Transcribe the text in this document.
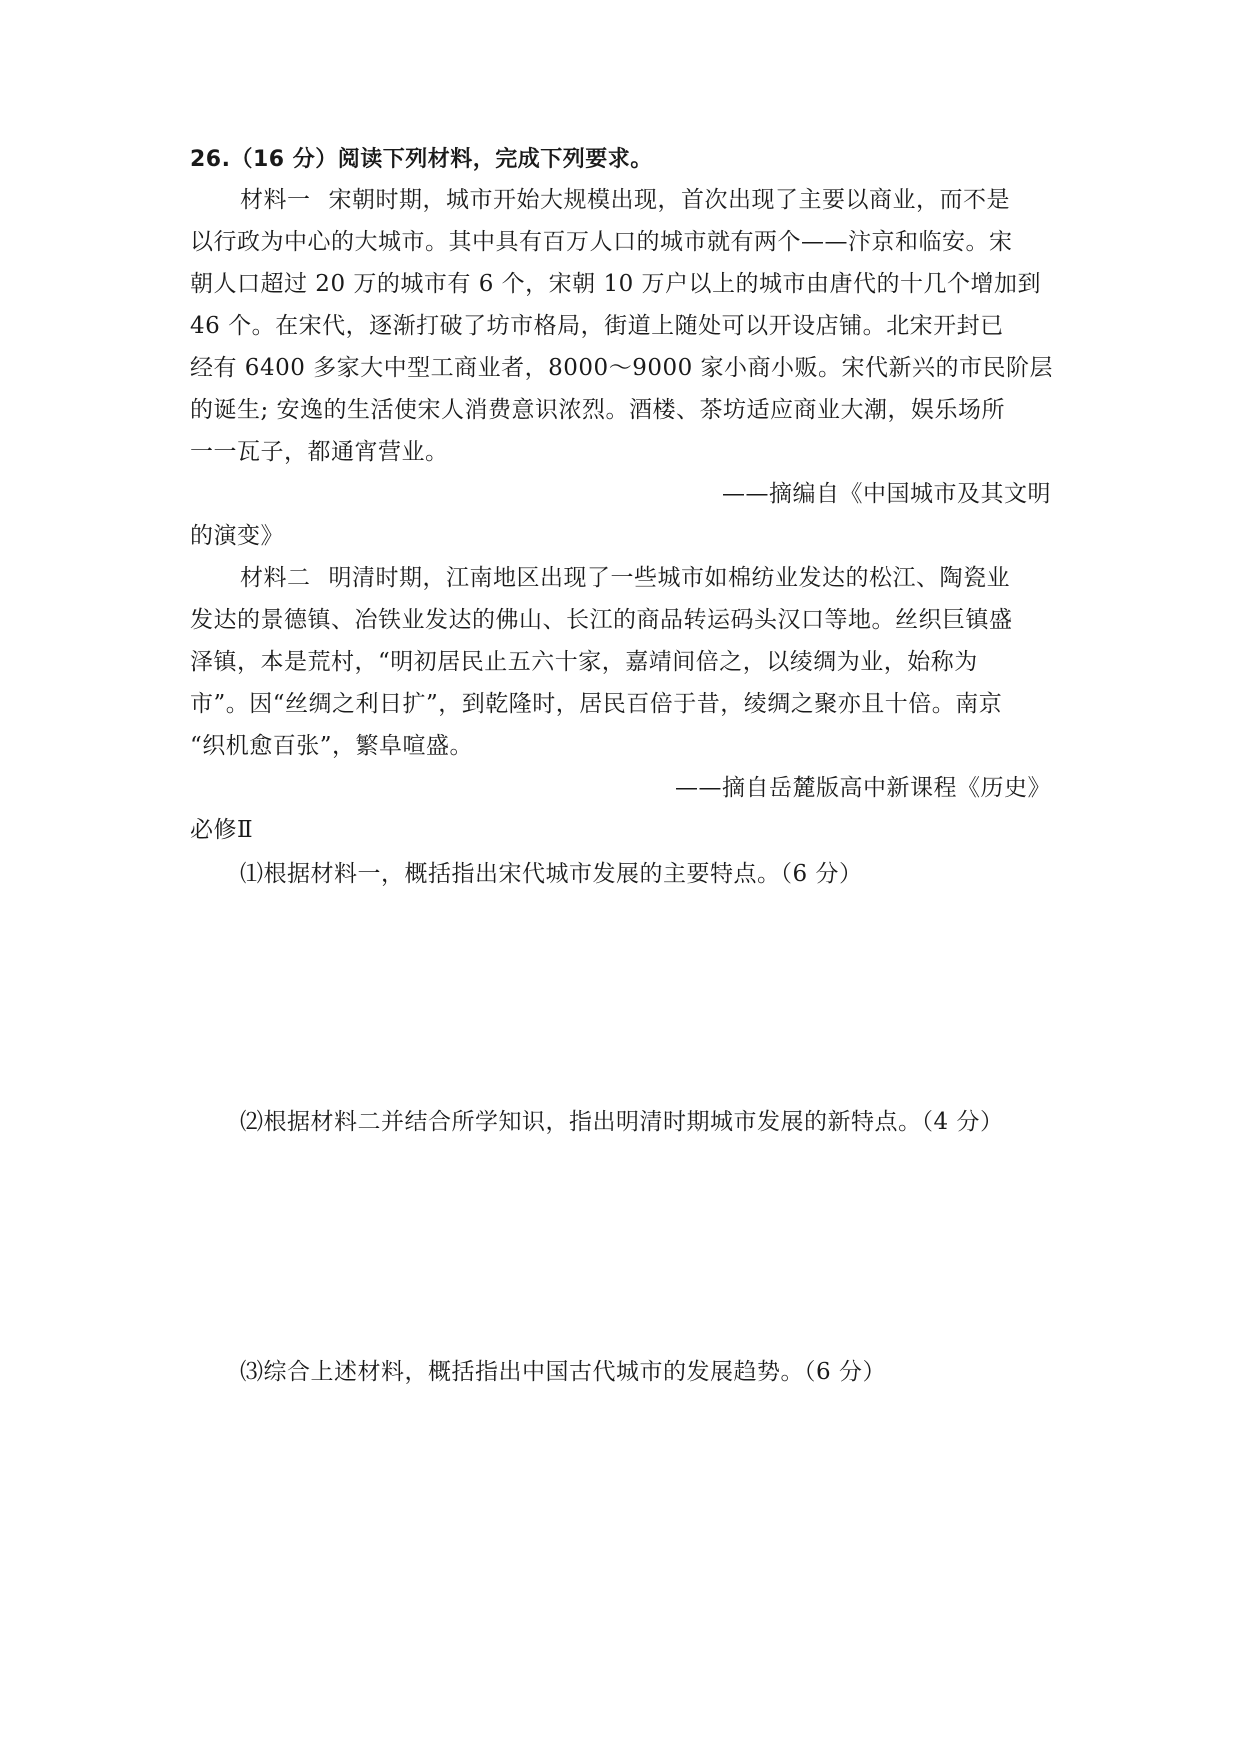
26.（16 分）阅读下列材料，完成下列要求。
材料一 宋朝时期，城市开始大规模出现，首次出现了主要以商业，而不是
以行政为中心的大城市。其中具有百万人口的城市就有两个——汴京和临安。宋
朝人口超过 20 万的城市有 6 个，宋朝 10 万户以上的城市由唐代的十几个增加到
46 个。在宋代，逐渐打破了坊市格局，街道上随处可以开设店铺。北宋开封已
经有 6400 多家大中型工商业者，8000～9000 家小商小贩。宋代新兴的市民阶层
的诞生; 安逸的生活使宋人消费意识浓烈。酒楼、茶坊适应商业大潮，娱乐场所
一一瓦子，都通宵营业。
——摘编自《中国城市及其文明
的演变》
材料二 明清时期，江南地区出现了一些城市如棉纺业发达的松江、陶瓷业
发达的景德镇、冶铁业发达的佛山、长江的商品转运码头汉口等地。丝织巨镇盛
泽镇，本是荒村，“明初居民止五六十家，嘉靖间倍之，以绫绸为业，始称为
市”。因“丝绸之利日扩”，到乾隆时，居民百倍于昔，绫绸之聚亦且十倍。南京
“织机愈百张”，繁阜喧盛。
——摘自岳麓版高中新课程《历史》
必修Ⅱ
⑴根据材料一，概括指出宋代城市发展的主要特点。（6 分）
⑵根据材料二并结合所学知识，指出明清时期城市发展的新特点。（4 分）
⑶综合上述材料，概括指出中国古代城市的发展趋势。（6 分）
